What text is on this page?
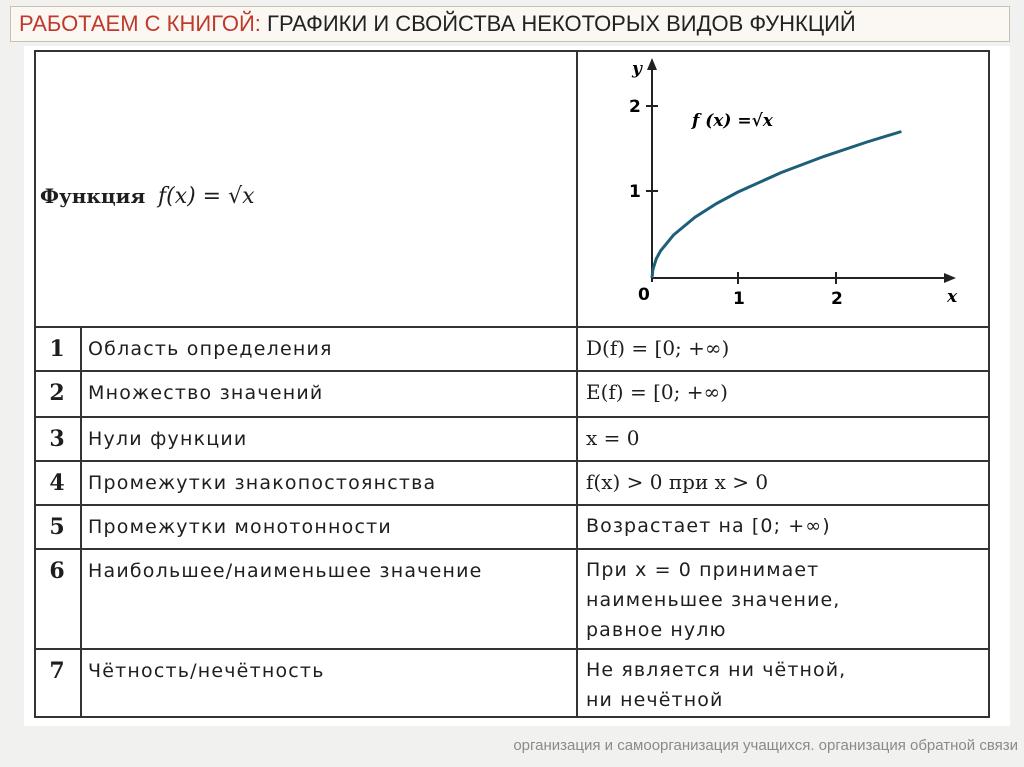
РАБОТАЕМ С КНИГОЙ:
ГРАФИКИ И СВОЙСТВА НЕКОТОРЫХ ВИДОВ ФУНКЦИЙ
Функция f(x) = √x
y
x
0	1	2
1
2
f (x) =√x
1	Область определения	D(f) = [0; +∞)
2	Множество значений	E(f) = [0; +∞)
3	Нули функции	x = 0
4	Промежутки знакопостоянства	f(x) > 0 при x > 0
5	Промежутки монотонности	Возрастает на [0; +∞)
6	Наибольшее/наименьшее значение	При x = 0 принимает
наименьшее значение,
равное нулю
7	Чётность/нечётность	Не является ни чётной,
ни нечётной
организация и самоорганизация учащихся. организация обратной связи
